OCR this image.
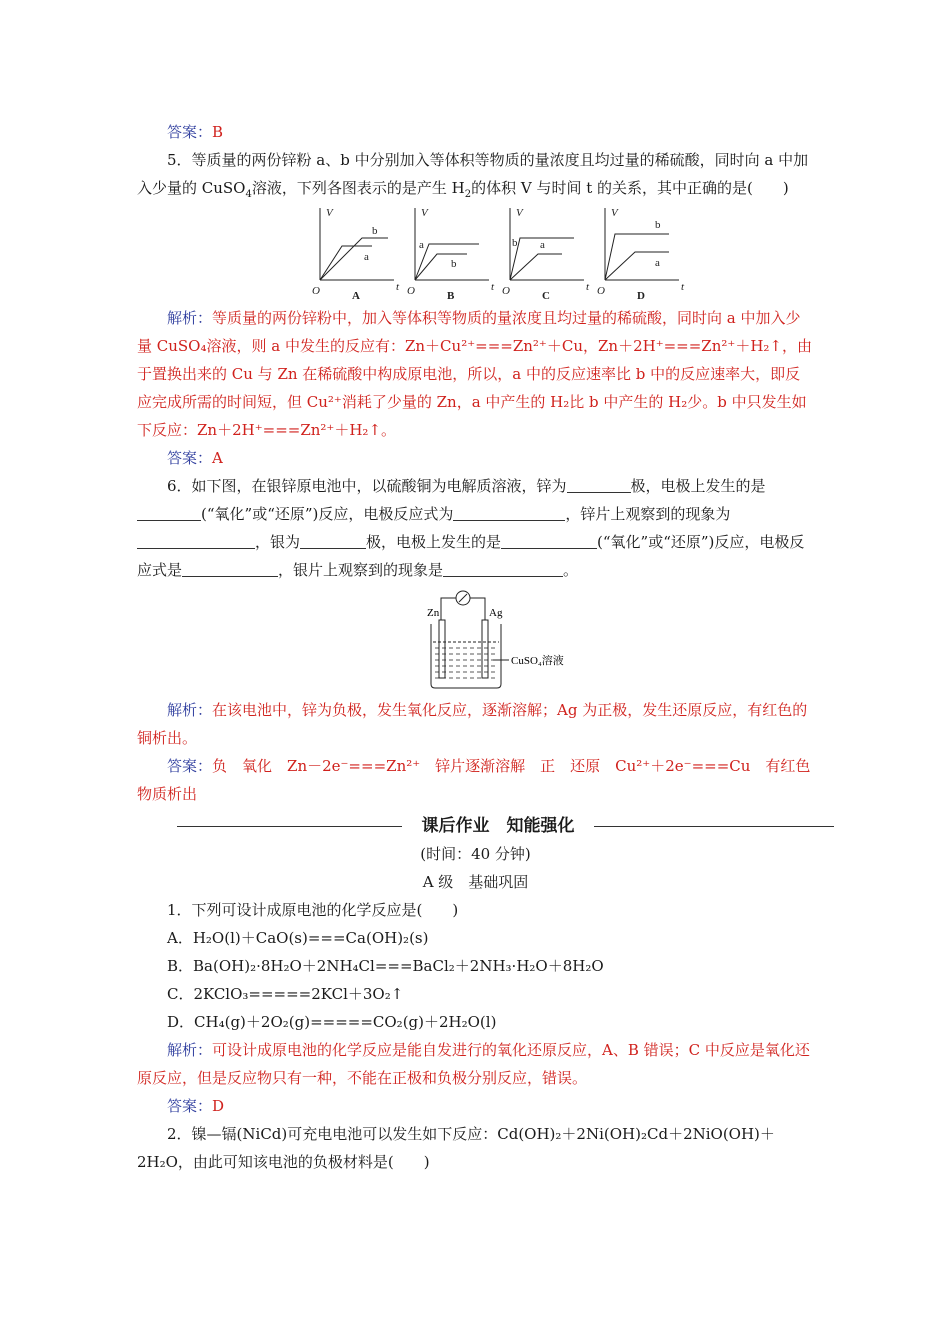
答案：B

5．等质量的两份锌粉 a、b 中分别加入等体积等物质的量浓度且均过量的稀硫酸，同时向 a 中加入少量的 CuSO$_4$溶液，下列各图表示的是产生 $H_2$的体积 V 与时间 t 的关系，其中正确的是(　　)

V
O	t
b
a
A
V
O	t
a
b
B
V
O	t
b a
C
V
O	t
b
a
D

解析：等质量的两份锌粉中，加入等体积等物质的量浓度且均过量的稀硫酸，同时向 a 中加入少量 CuSO₄溶液，则 a 中发生的反应有：Zn＋Cu²⁺===Zn²⁺＋Cu，Zn＋2H⁺===Zn²⁺＋H₂↑，由于置换出来的 Cu 与 Zn 在稀硫酸中构成原电池，所以，a 中的反应速率比 b 中的反应速率大，即反应完成所需的时间短，但 Cu²⁺消耗了少量的 Zn，a 中产生的 H₂比 b 中产生的 H₂少。b 中只发生如下反应：Zn＋2H⁺===Zn²⁺＋H₂↑。

答案：A

6．如下图，在银锌原电池中，以硫酸铜为电解质溶液，锌为	极，电极上发生的是(“氧化”或“还原”)反应，电极反应式为	，锌片上观察到的现象为，银为	极，电极上发生的是	(“氧化”或“还原”)反应，电极反应式是	，银片上观察到的现象是	。

Zn	Ag
CuSO₄溶液

解析：在该电池中，锌为负极，发生氧化反应，逐渐溶解；Ag 为正极，发生还原反应，有红色的铜析出。

答案：负　氧化　Zn－2e⁻===Zn²⁺　锌片逐渐溶解　正　还原　Cu²⁺＋2e⁻===Cu　有红色物质析出

课后作业　知能强化

(时间：40 分钟)

A 级　基础巩固

1．下列可设计成原电池的化学反应是(　　)

A．H₂O(l)＋CaO(s)===Ca(OH)₂(s)

B．Ba(OH)₂·8H₂O＋2NH₄Cl===BaCl₂＋2NH₃·H₂O＋8H₂O

C．2KClO₃=====2KCl＋3O₂↑

D．CH₄(g)＋2O₂(g)=====CO₂(g)＋2H₂O(l)

解析：可设计成原电池的化学反应是能自发进行的氧化还原反应，A、B 错误；C 中反应是氧化还原反应，但是反应物只有一种，不能在正极和负极分别反应，错误。

答案：D

2．镍—镉(NiCd)可充电电池可以发生如下反应：Cd(OH)₂＋2Ni(OH)₂Cd＋2NiO(OH)＋2H₂O，由此可知该电池的负极材料是(　　)
